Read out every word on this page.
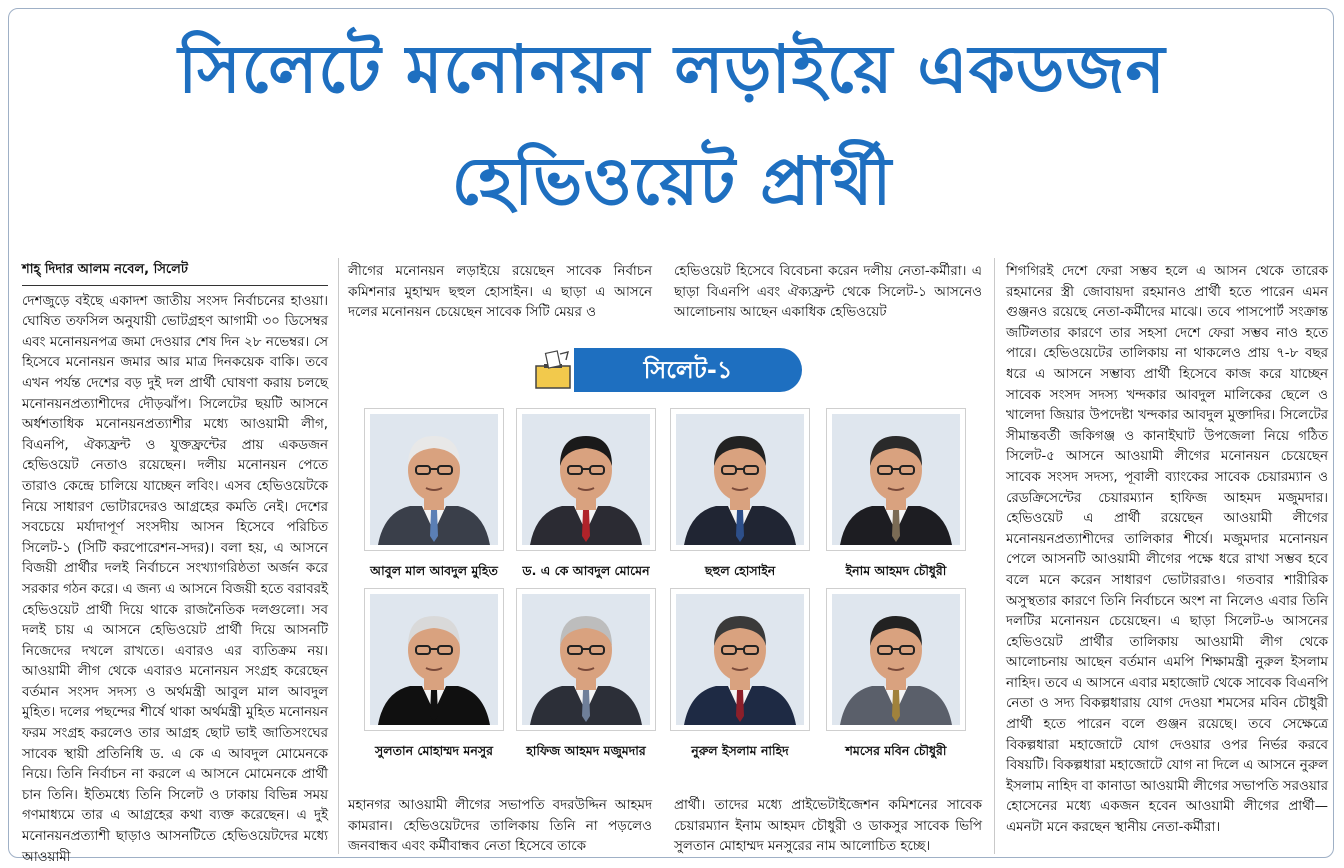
সিলেটে মনোনয়ন লড়াইয়ে একডজন
হেভিওয়েট প্রার্থী
শাহ্ দিদার আলম নবেল, সিলেট

দেশজুড়ে বইছে একাদশ জাতীয় সংসদ নির্বাচনের হাওয়া। ঘোষিত তফসিল অনুযায়ী ভোটগ্রহণ আগামী ৩০ ডিসেম্বর এবং মনোনয়নপত্র জমা দেওয়ার শেষ দিন ২৮ নভেম্বর। সে হিসেবে মনোনয়ন জমার আর মাত্র দিনকয়েক বাকি। তবে এখন পর্যন্ত দেশের বড় দুই দল প্রার্থী ঘোষণা করায় চলছে মনোনয়নপ্রত্যাশীদের দৌড়ঝাঁপ। সিলেটের ছয়টি আসনে অর্ধশতাধিক মনোনয়নপ্রত্যাশীর মধ্যে আওয়ামী লীগ, বিএনপি, ঐক্যফ্রন্ট ও যুক্তফ্রন্টের প্রায় একডজন হেভিওয়েট নেতাও রয়েছেন। দলীয় মনোনয়ন পেতে তারাও কেন্দ্রে চালিয়ে যাচ্ছেন লবিং। এসব হেভিওয়েটকে নিয়ে সাধারণ ভোটারদেরও আগ্রহের কমতি নেই। দেশের সবচেয়ে মর্যাদাপূর্ণ সংসদীয় আসন হিসেবে পরিচিত সিলেট-১ (সিটি করপোরেশন-সদর)। বলা হয়, এ আসনে বিজয়ী প্রার্থীর দলই নির্বাচনে সংখ্যাগরিষ্ঠতা অর্জন করে সরকার গঠন করে। এ জন্য এ আসনে বিজয়ী হতে বরাবরই হেভিওয়েট প্রার্থী দিয়ে থাকে রাজনৈতিক দলগুলো। সব দলই চায় এ আসনে হেভিওয়েট প্রার্থী দিয়ে আসনটি নিজেদের দখলে রাখতে। এবারও এর ব্যতিক্রম নয়। আওয়ামী লীগ থেকে এবারও মনোনয়ন সংগ্রহ করেছেন বর্তমান সংসদ সদস্য ও অর্থমন্ত্রী আবুল মাল আবদুল মুহিত। দলের পছন্দের শীর্ষে থাকা অর্থমন্ত্রী মুহিত মনোনয়ন ফরম সংগ্রহ করলেও তার আগ্রহ ছোট ভাই জাতিসংঘের সাবেক স্থায়ী প্রতিনিধি ড. এ কে এ আবদুল মোমেনকে নিয়ে। তিনি নির্বাচন না করলে এ আসনে মোমেনকে প্রার্থী চান তিনি। ইতিমধ্যে তিনি সিলেট ও ঢাকায় বিভিন্ন সময় গণমাধ্যমে তার এ আগ্রহের কথা ব্যক্ত করেছেন। এ দুই মনোনয়নপ্রত্যাশী ছাড়াও আসনটিতে হেভিওয়েটদের মধ্যে আওয়ামী

লীগের মনোনয়ন লড়াইয়ে রয়েছেন সাবেক নির্বাচন কমিশনার মুহাম্মদ ছহুল হোসাইন। এ ছাড়া এ আসনে দলের মনোনয়ন চেয়েছেন সাবেক সিটি মেয়র ও
হেভিওয়েট হিসেবে বিবেচনা করেন দলীয় নেতা-কর্মীরা। এ ছাড়া বিএনপি এবং ঐক্যফ্রন্ট থেকে সিলেট-১ আসনেও আলোচনায় আছেন একাধিক হেভিওয়েট
সিলেট-১
আবুল মাল আবদুল মুহিত	ড. এ কে আবদুল মোমেন	ছহুল হোসাইন	ইনাম আহমদ চৌধুরী
সুলতান মোহাম্মদ মনসুর	হাফিজ আহমদ মজুমদার	নুরুল ইসলাম নাহিদ	শমসের মবিন চৌধুরী
মহানগর আওয়ামী লীগের সভাপতি বদরউদ্দিন আহমদ কামরান। হেভিওয়েটদের তালিকায় তিনি না পড়লেও জনবান্ধব এবং কর্মীবান্ধব নেতা হিসেবে তাকে
প্রার্থী। তাদের মধ্যে প্রাইভেটাইজেশন কমিশনের সাবেক চেয়ারম্যান ইনাম আহমদ চৌধুরী ও ডাকসুর সাবেক ভিপি সুলতান মোহাম্মদ মনসুরের নাম আলোচিত হচ্ছে।

শিগগিরই দেশে ফেরা সম্ভব হলে এ আসন থেকে তারেক রহমানের স্ত্রী জোবায়দা রহমানও প্রার্থী হতে পারেন এমন গুঞ্জনও রয়েছে নেতা-কর্মীদের মাঝে। তবে পাসপোর্ট সংক্রান্ত জটিলতার কারণে তার সহসা দেশে ফেরা সম্ভব নাও হতে পারে। হেভিওয়েটের তালিকায় না থাকলেও প্রায় ৭-৮ বছর ধরে এ আসনে সম্ভাব্য প্রার্থী হিসেবে কাজ করে যাচ্ছেন সাবেক সংসদ সদস্য খন্দকার আবদুল মালিকের ছেলে ও খালেদা জিয়ার উপদেষ্টা খন্দকার আবদুল মুক্তাদির। সিলেটের সীমান্তবর্তী জকিগঞ্জ ও কানাইঘাট উপজেলা নিয়ে গঠিত সিলেট-৫ আসনে আওয়ামী লীগের মনোনয়ন চেয়েছেন সাবেক সংসদ সদস্য, পূবালী ব্যাংকের সাবেক চেয়ারম্যান ও রেডক্রিসেন্টের চেয়ারম্যান হাফিজ আহমদ মজুমদার। হেভিওয়েট এ প্রার্থী রয়েছেন আওয়ামী লীগের মনোনয়নপ্রত্যাশীদের তালিকার শীর্ষে। মজুমদার মনোনয়ন পেলে আসনটি আওয়ামী লীগের পক্ষে ধরে রাখা সম্ভব হবে বলে মনে করেন সাধারণ ভোটাররাও। গতবার শারীরিক অসুস্থতার কারণে তিনি নির্বাচনে অংশ না নিলেও এবার তিনি দলটির মনোনয়ন চেয়েছেন। এ ছাড়া সিলেট-৬ আসনের হেভিওয়েট প্রার্থীর তালিকায় আওয়ামী লীগ থেকে আলোচনায় আছেন বর্তমান এমপি শিক্ষামন্ত্রী নুরুল ইসলাম নাহিদ। তবে এ আসনে এবার মহাজোট থেকে সাবেক বিএনপি নেতা ও সদ্য বিকল্পধারায় যোগ দেওয়া শমসের মবিন চৌধুরী প্রার্থী হতে পারেন বলে গুঞ্জন রয়েছে। তবে সেক্ষেত্রে বিকল্পধারা মহাজোটে যোগ দেওয়ার ওপর নির্ভর করবে বিষয়টি। বিকল্পধারা মহাজোটে যোগ না দিলে এ আসনে নুরুল ইসলাম নাহিদ বা কানাডা আওয়ামী লীগের সভাপতি সরওয়ার হোসেনের মধ্যে একজন হবেন আওয়ামী লীগের প্রার্থী— এমনটা মনে করছেন স্থানীয় নেতা-কর্মীরা।
